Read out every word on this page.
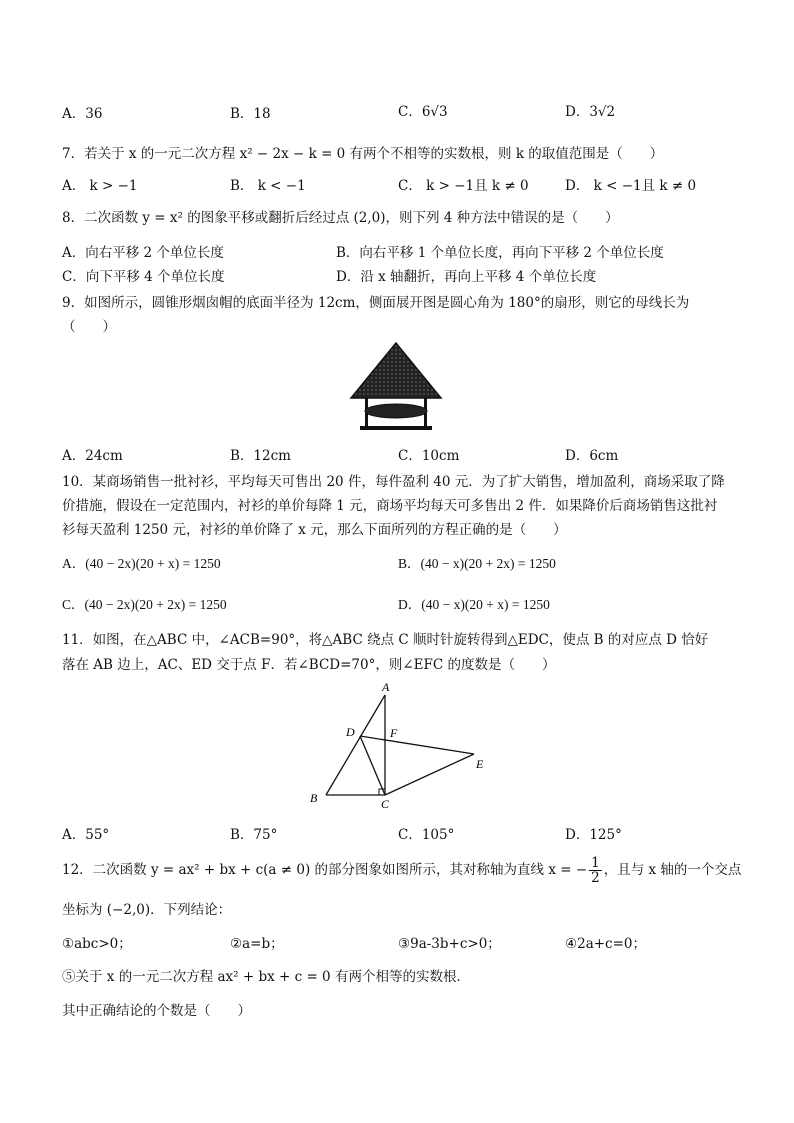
A．36	B．18	C．6√3	D．3√2
7．若关于 x 的一元二次方程 x² − 2x − k = 0 有两个不相等的实数根，则 k 的取值范围是（　　）
A． k > −1	B． k < −1	C． k > −1且 k ≠ 0	D． k < −1且 k ≠ 0
8．二次函数 y = x² 的图象平移或翻折后经过点 (2,0)，则下列 4 种方法中错误的是（　　）
A．向右平移 2 个单位长度	B．向右平移 1 个单位长度，再向下平移 2 个单位长度
C．向下平移 4 个单位长度	D．沿 x 轴翻折，再向上平移 4 个单位长度
9．如图所示，圆锥形烟囱帽的底面半径为 12cm，侧面展开图是圆心角为 180°的扇形，则它的母线长为
（　　）
A．24cm	B．12cm	C．10cm	D．6cm
10．某商场销售一批衬衫，平均每天可售出 20 件，每件盈利 40 元．为了扩大销售，增加盈利，商场采取了降
价措施，假设在一定范围内，衬衫的单价每降 1 元，商场平均每天可多售出 2 件．如果降价后商场销售这批衬
衫每天盈利 1250 元，衬衫的单价降了 x 元，那么下面所列的方程正确的是（　　）
A．(40 − 2x)(20 + x) = 1250	B．(40 − x)(20 + 2x) = 1250
C．(40 − 2x)(20 + 2x) = 1250	D．(40 − x)(20 + x) = 1250
11．如图，在△ABC 中，∠ACB=90°，将△ABC 绕点 C 顺时针旋转得到△EDC，使点 B 的对应点 D 恰好
落在 AB 边上，AC、ED 交于点 F．若∠BCD=70°，则∠EFC 的度数是（　　）
A
D	F
E
B	C
A．55°	B．75°	C．105°	D．125°
12．二次函数 y = ax² + bx + c(a ≠ 0) 的部分图象如图所示，其对称轴为直线 x = − $\frac{1}{2}$ ，且与 x 轴的一个交点
坐标为 (−2,0)．下列结论：
①abc>0；	②a=b；	③9a-3b+c>0；	④2a+c=0；
⑤关于 x 的一元二次方程 ax² + bx + c = 0 有两个相等的实数根．
其中正确结论的个数是（　　）
